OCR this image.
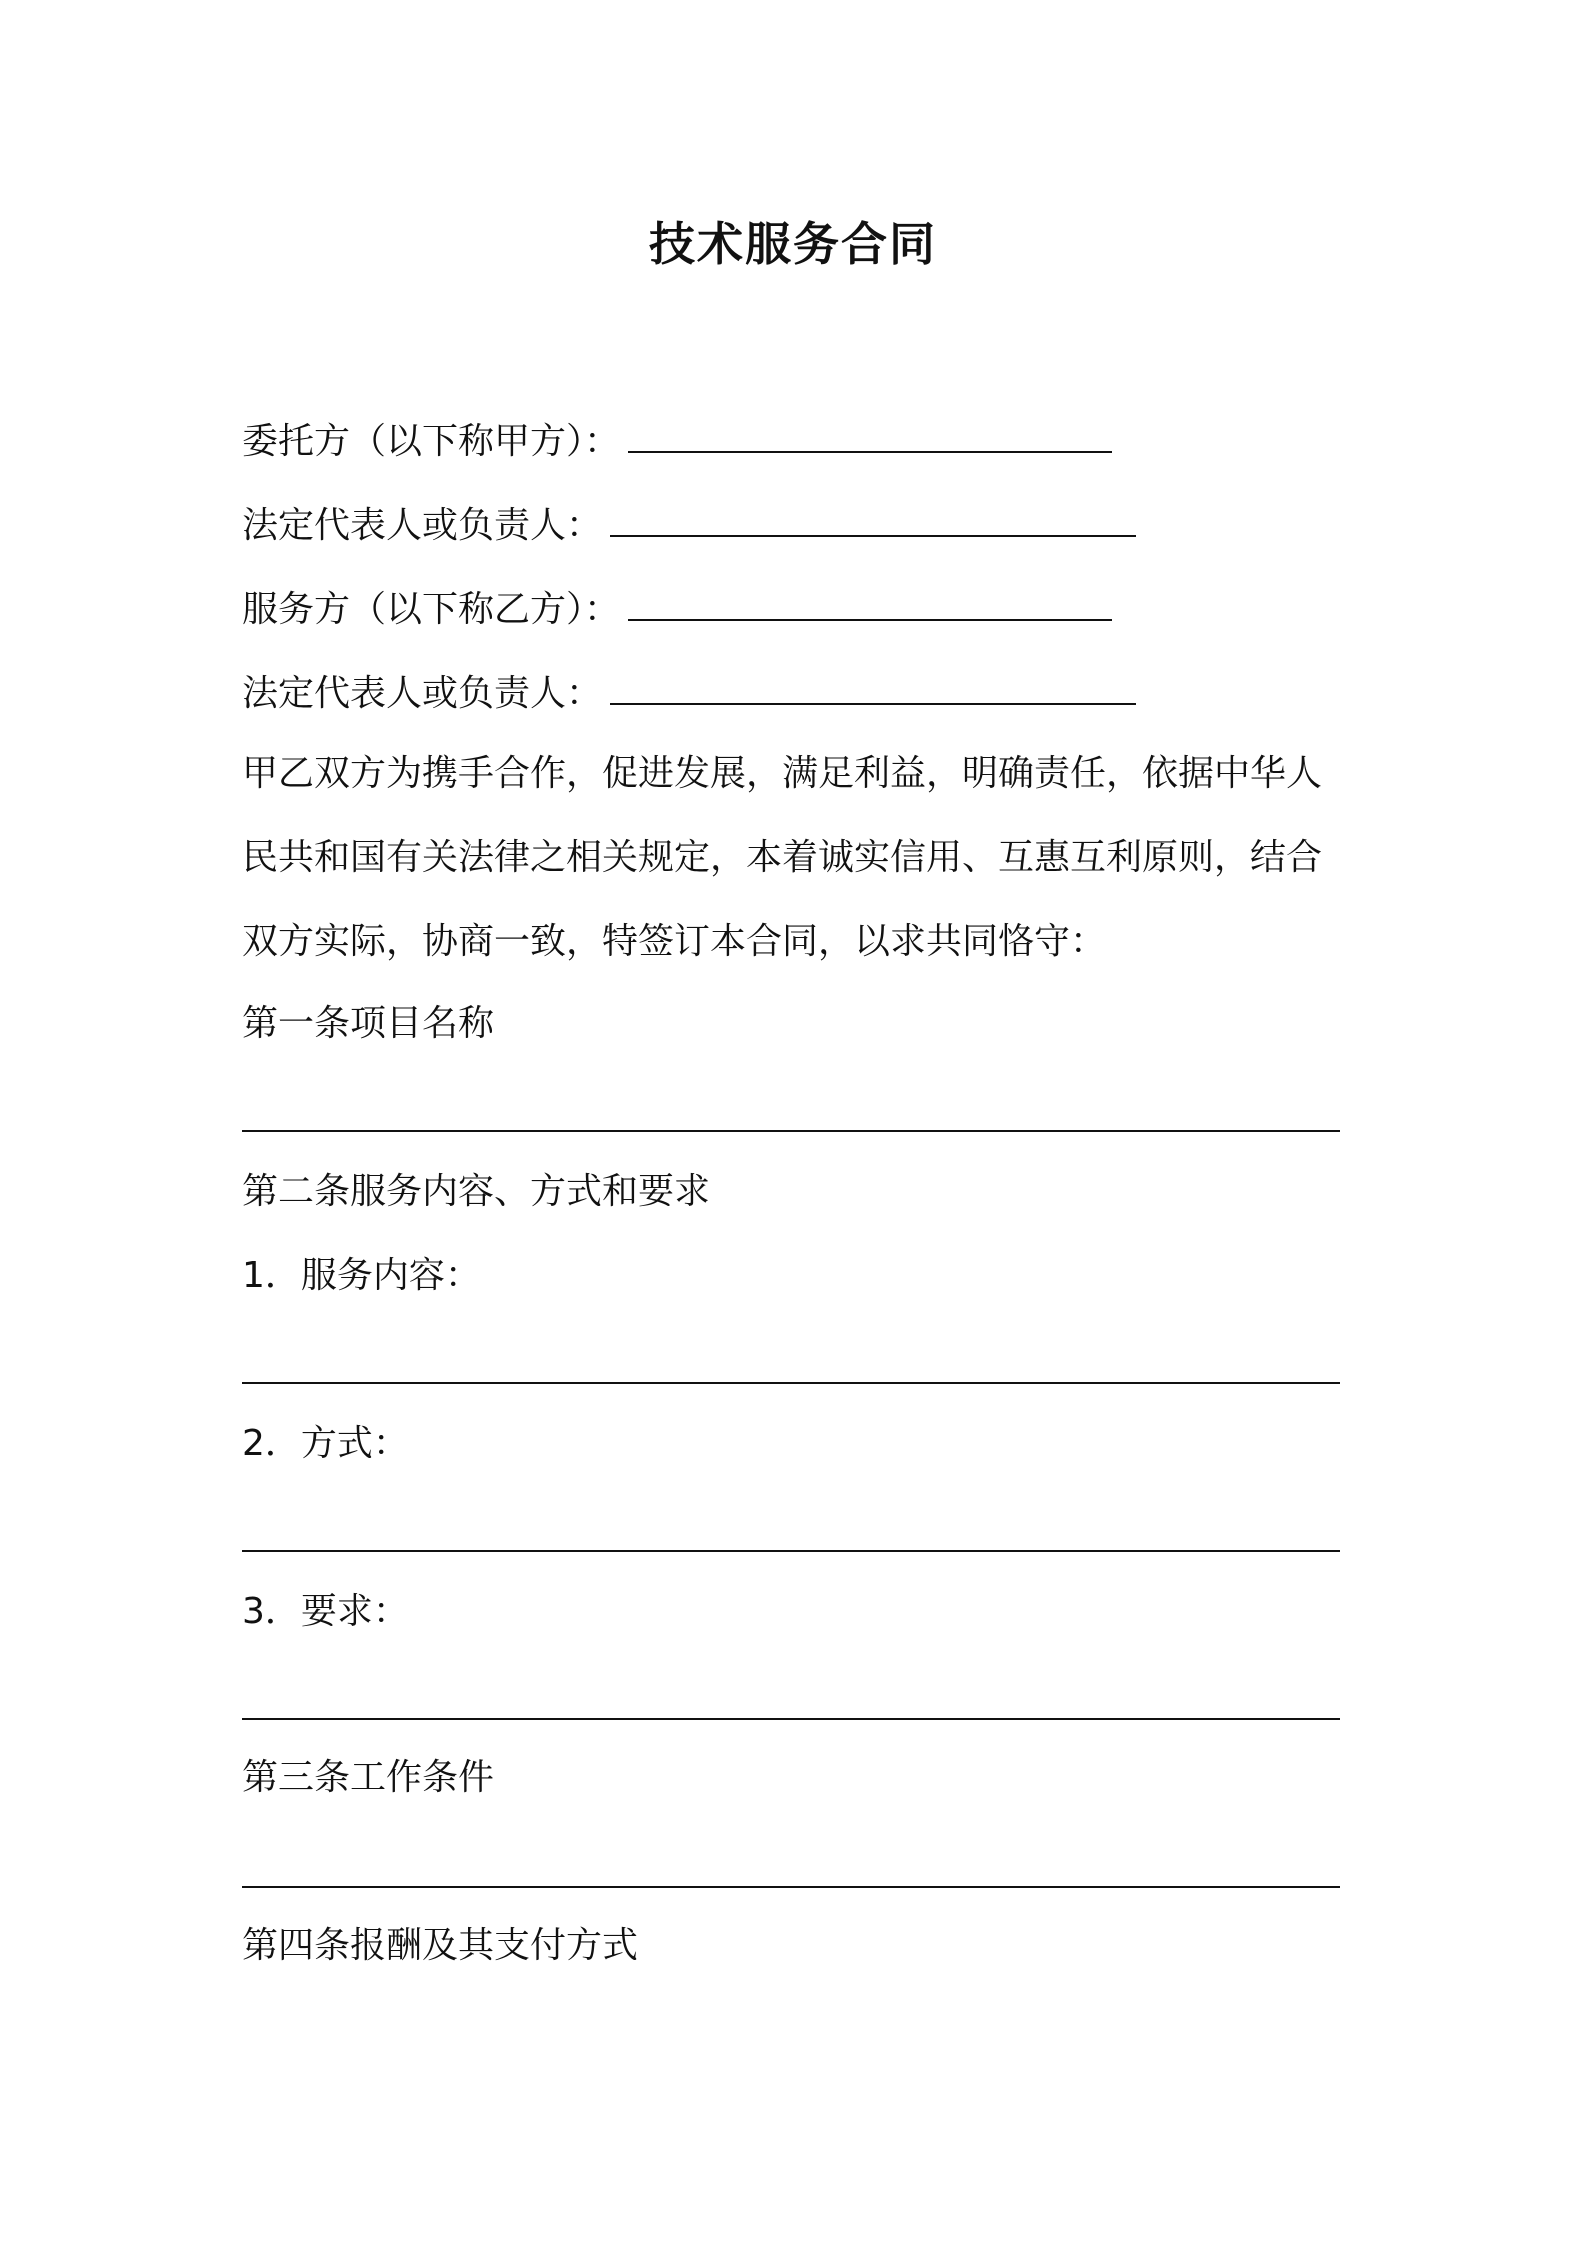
技术服务合同
委托方（以下称甲方）：
法定代表人或负责人：
服务方（以下称乙方）：
法定代表人或负责人：
甲乙双方为携手合作，促进发展，满足利益，明确责任，依据中华人
民共和国有关法律之相关规定，本着诚实信用、互惠互利原则，结合
双方实际，协商一致，特签订本合同，以求共同恪守：
第一条项目名称
第二条服务内容、方式和要求
1．服务内容：
2．方式：
3．要求：
第三条工作条件
第四条报酬及其支付方式
